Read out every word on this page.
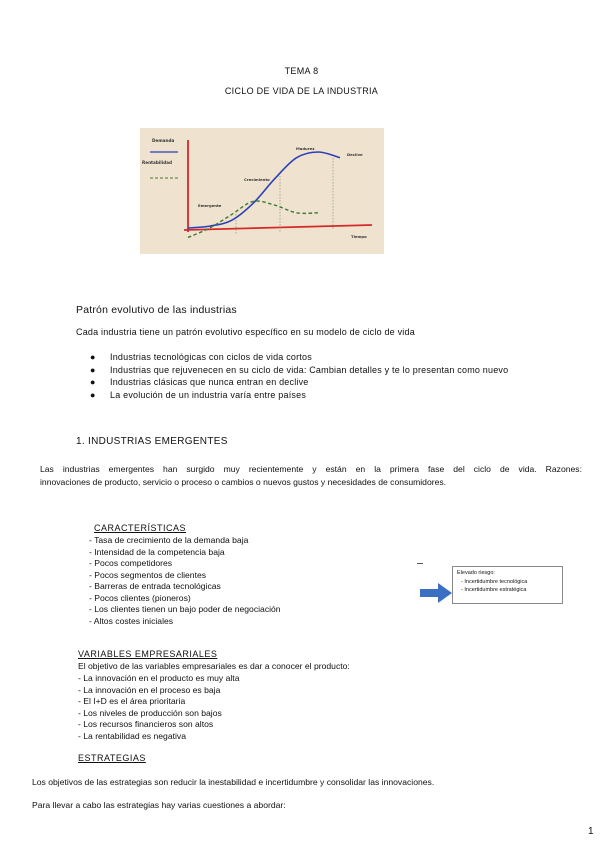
TEMA 8
CICLO DE VIDA DE LA INDUSTRIA
Demanda
Rentabilidad
Emergente
Crecimiento
Madurez
Declive
Tiempo
Patrón evolutivo de las industrias
Cada industria tiene un patrón evolutivo específico en su modelo de ciclo de vida
● Industrias tecnológicas con ciclos de vida cortos
● Industrias que rejuvenecen en su ciclo de vida: Cambian detalles y te lo presentan como nuevo
● Industrias clásicas que nunca entran en declive
● La evolución de un industria varía entre países
1. INDUSTRIAS EMERGENTES
Las industrias emergentes han surgido muy recientemente y están en la primera fase del ciclo de vida. Razones:
innovaciones de producto, servicio o proceso o cambios o nuevos gustos y necesidades de consumidores.
CARACTERÍSTICAS
- Tasa de crecimiento de la demanda baja
- Intensidad de la competencia baja
- Pocos competidores
- Pocos segmentos de clientes
- Barreras de entrada tecnológicas
- Pocos clientes (pioneros)
- Los clientes tienen un bajo poder de negociación
- Altos costes iniciales
Elevado riesgo:
- Incertidumbre tecnológica
- Incertidumbre estratégica
VARIABLES EMPRESARIALES
El objetivo de las variables empresariales es dar a conocer el producto:
- La innovación en el producto es muy alta
- La innovación en el proceso es baja
- El I+D es el área prioritaria
- Los niveles de producción son bajos
- Los recursos financieros son altos
- La rentabilidad es negativa
ESTRATEGIAS
Los objetivos de las estrategias son reducir la inestabilidad e incertidumbre y consolidar las innovaciones.
Para llevar a cabo las estrategias hay varias cuestiones a abordar:
1
